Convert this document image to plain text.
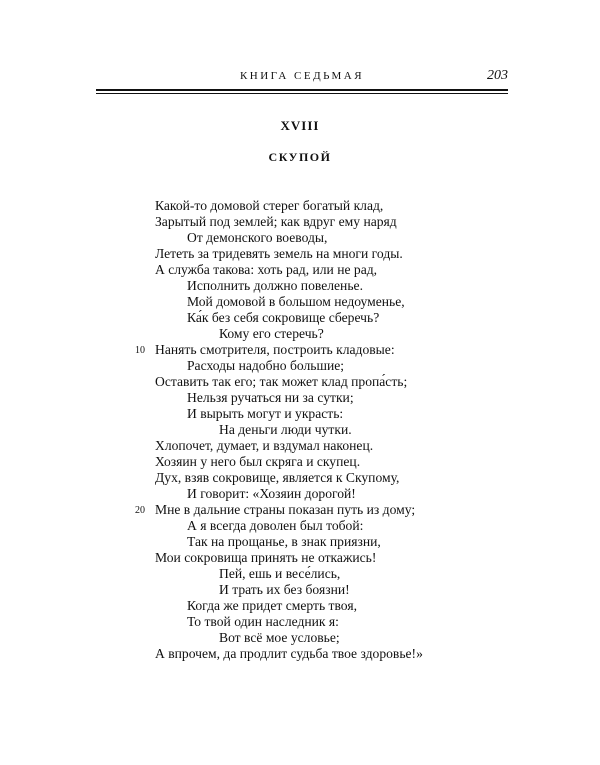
КНИГА СЕДЬМАЯ	203
XVIII
СКУПОЙ
Какой-то домовой стерег богатый клад,
Зарытый под землей; как вдруг ему наряд
От демонского воеводы,
Лететь за тридевять земель на многи годы.
А служба такова: хоть рад, или не рад,
Исполнить должно повеленье.
Мой домовой в большом недоуменье,
Ка́к без себя сокровище сберечь?
Кому его стеречь?
10 Нанять смотрителя, построить кладовые:
Расходы надобно большие;
Оставить так его; так может клад пропа́сть;
Нельзя ручаться ни за сутки;
И вырыть могут и украсть:
На деньги люди чутки.
Хлопочет, думает, и вздумал наконец.
Хозяин у него был скряга и скупец.
Дух, взяв сокровище, является к Скупому,
И говорит: «Хозяин дорогой!
20 Мне в дальние страны показан путь из дому;
А я всегда доволен был тобой:
Так на прощанье, в знак приязни,
Мои сокровища принять не откажись!
Пей, ешь и весе́лись,
И трать их без боязни!
Когда же придет смерть твоя,
То твой один наследник я:
Вот всё мое условье;
А впрочем, да продлит судьба твое здоровье!»
